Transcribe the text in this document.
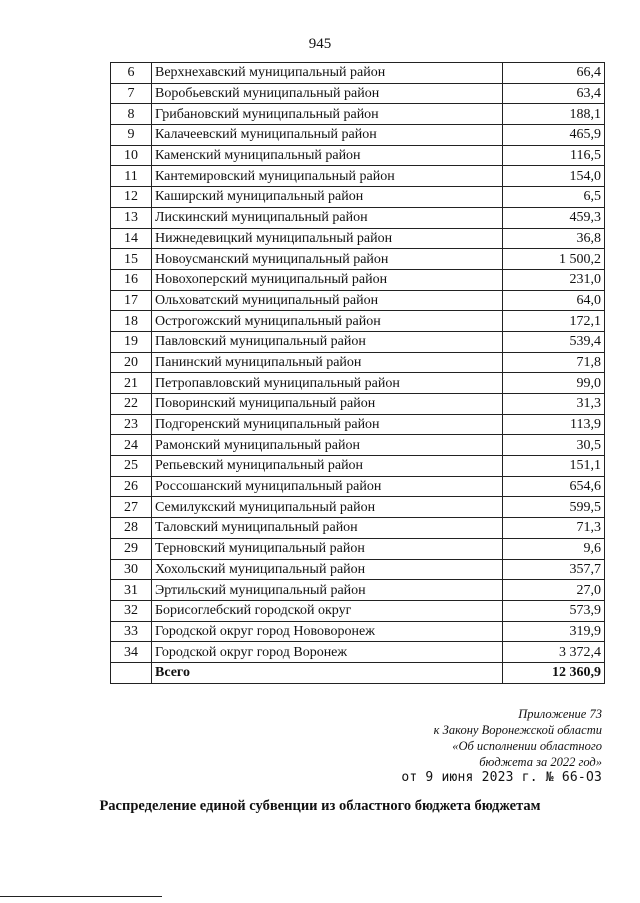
945
6	Верхнехавский муниципальный район	66,4
7	Воробьевский муниципальный район	63,4
8	Грибановский муниципальный район	188,1
9	Калачеевский муниципальный район	465,9
10	Каменский муниципальный район	116,5
11	Кантемировский муниципальный район	154,0
12	Каширский муниципальный район	6,5
13	Лискинский муниципальный район	459,3
14	Нижнедевицкий муниципальный район	36,8
15	Новоусманский муниципальный район	1 500,2
16	Новохоперский муниципальный район	231,0
17	Ольховатский муниципальный район	64,0
18	Острогожский муниципальный район	172,1
19	Павловский муниципальный район	539,4
20	Панинский муниципальный район	71,8
21	Петропавловский муниципальный район	99,0
22	Поворинский муниципальный район	31,3
23	Подгоренский муниципальный район	113,9
24	Рамонский муниципальный район	30,5
25	Репьевский муниципальный район	151,1
26	Россошанский муниципальный район	654,6
27	Семилукский муниципальный район	599,5
28	Таловский муниципальный район	71,3
29	Терновский муниципальный район	9,6
30	Хохольский муниципальный район	357,7
31	Эртильский муниципальный район	27,0
32	Борисоглебский городской округ	573,9
33	Городской округ город Нововоронеж	319,9
34	Городской округ город Воронеж	3 372,4
	Всего	12 360,9
Приложение 73
к Закону Воронежской области
«Об исполнении областного
бюджета за 2022 год»
от 9 июня 2023 г. № 66-ОЗ
Распределение единой субвенции из областного бюджета бюджетам
